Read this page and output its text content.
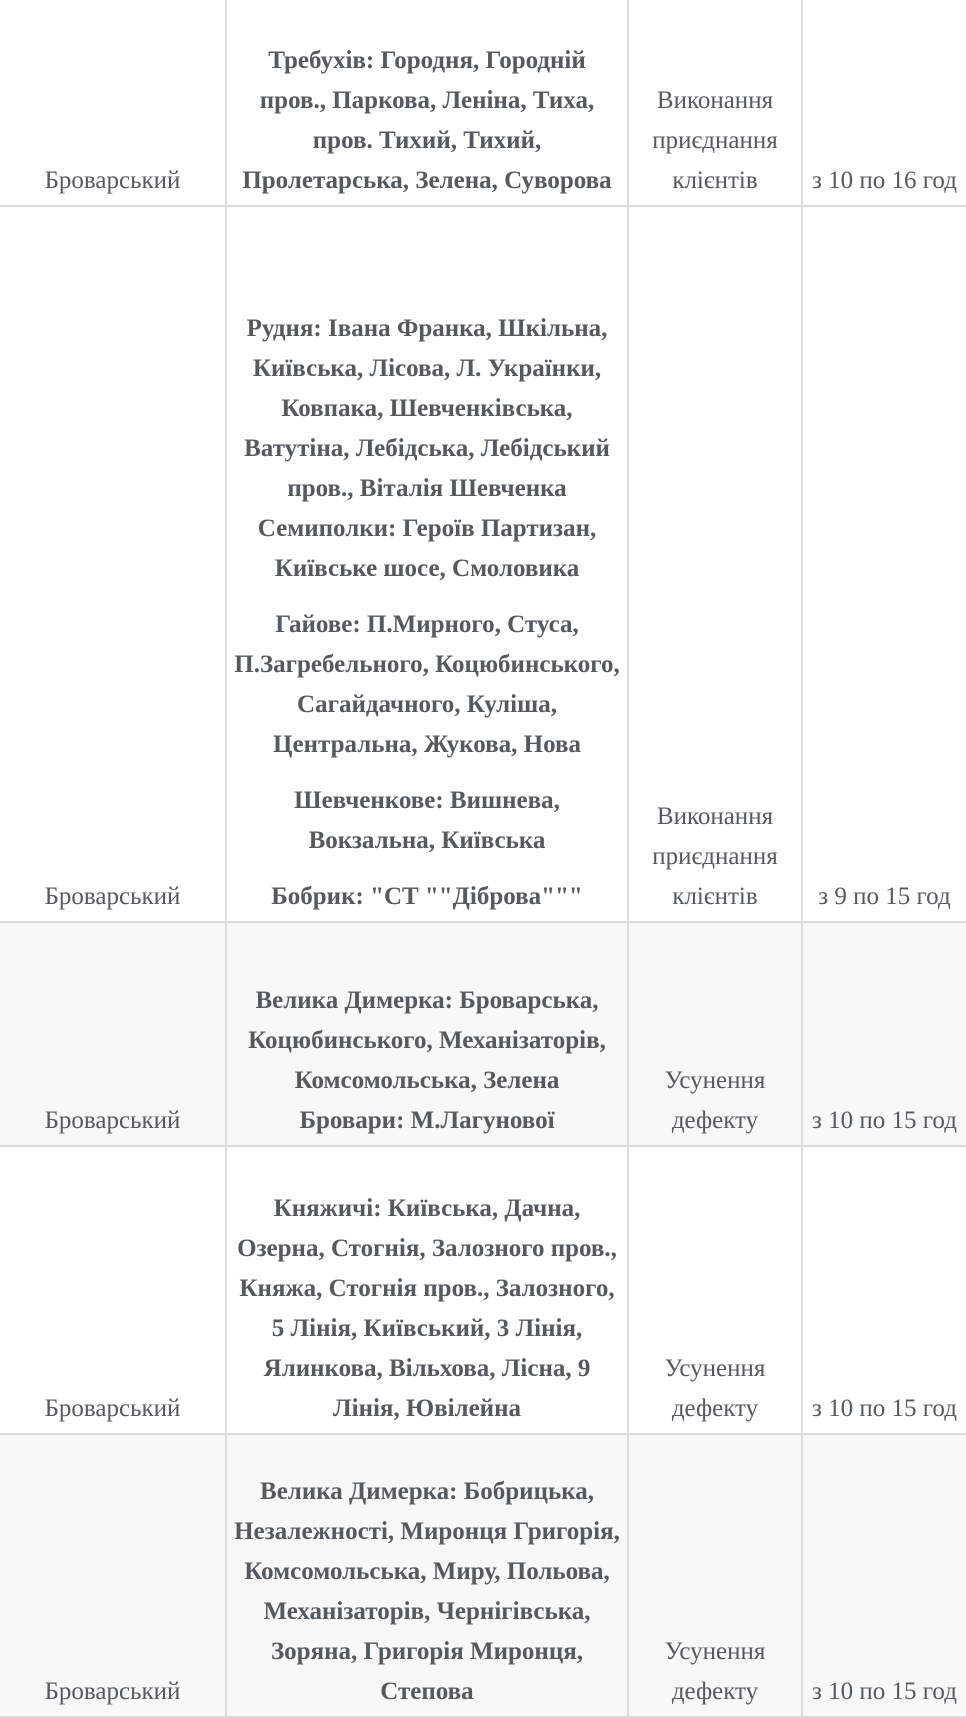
Броварський	Требухів: Городня, Городній пров., Паркова, Леніна, Тиха, пров. Тихий, Тихий, Пролетарська, Зелена, Суворова	Виконання приєднання клієнтів	з 10 по 16 год
Броварський	Рудня: Івана Франка, Шкільна, Київська, Лісова, Л. Українки, Ковпака, Шевченківська, Ватутіна, Лебідська, Лебідський пров., Віталія Шевченка
Семиполки: Героїв Партизан, Київське шосе, Смоловика
Гайове: П.Мирного, Стуса, П.Загребельного, Коцюбинського, Сагайдачного, Куліша, Центральна, Жукова, Нова
Шевченкове: Вишнева, Вокзальна, Київська
Бобрик: "СТ ""Діброва"""	Виконання приєднання клієнтів	з 9 по 15 год
Броварський	Велика Димерка: Броварська, Коцюбинського, Механізаторів, Комсомольська, Зелена
Бровари: М.Лагунової	Усунення дефекту	з 10 по 15 год
Броварський	Княжичі: Київська, Дачна, Озерна, Стогнія, Залозного пров., Княжа, Стогнія пров., Залозного, 5 Лінія, Київський, 3 Лінія, Ялинкова, Вільхова, Лісна, 9 Лінія, Ювілейна	Усунення дефекту	з 10 по 15 год
Броварський	Велика Димерка: Бобрицька, Незалежності, Миронця Григорія, Комсомольська, Миру, Польова, Механізаторів, Чернігівська, Зоряна, Григорія Миронця, Степова	Усунення дефекту	з 10 по 15 год
